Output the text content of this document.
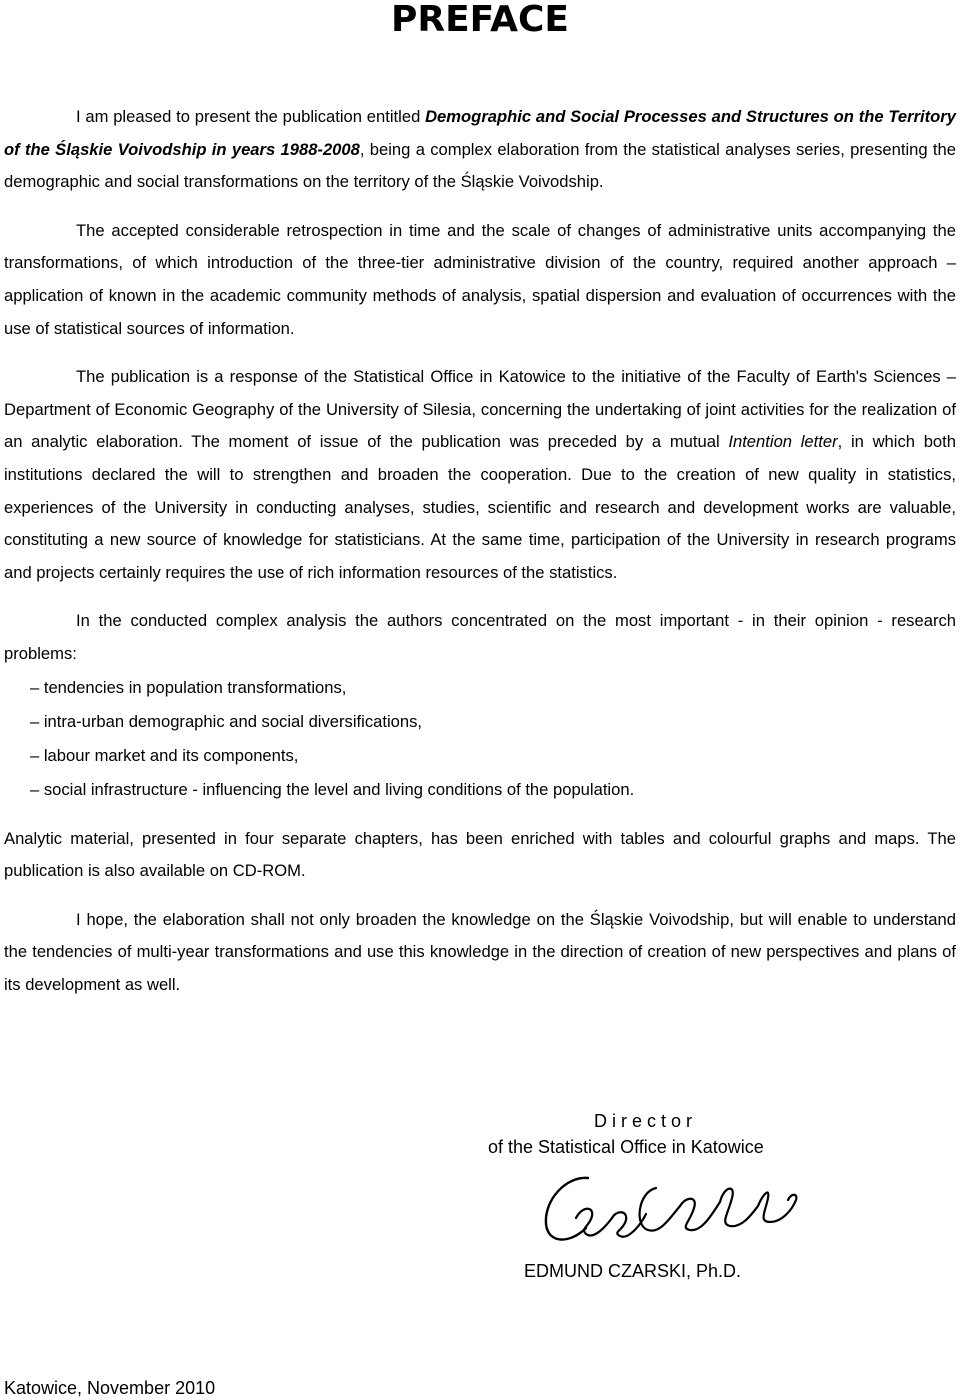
PREFACE

I am pleased to present the publication entitled Demographic and Social Processes and Structures on the Territory of the Śląskie Voivodship in years 1988-2008, being a complex elaboration from the statistical analyses series, presenting the demographic and social transformations on the territory of the Śląskie Voivodship.

The accepted considerable retrospection in time and the scale of changes of administrative units accompanying the transformations, of which introduction of the three-tier administrative division of the country, required another approach – application of known in the academic community methods of analysis, spatial dispersion and evaluation of occurrences with the use of statistical sources of information.

The publication is a response of the Statistical Office in Katowice to the initiative of the Faculty of Earth's Sciences – Department of Economic Geography of the University of Silesia, concerning the undertaking of joint activities for the realization of an analytic elaboration. The moment of issue of the publication was preceded by a mutual Intention letter, in which both institutions declared the will to strengthen and broaden the cooperation. Due to the creation of new quality in statistics, experiences of the University in conducting analyses, studies, scientific and research and development works are valuable, constituting a new source of knowledge for statisticians. At the same time, participation of the University in research programs and projects certainly requires the use of rich information resources of the statistics.

In the conducted complex analysis the authors concentrated on the most important - in their opinion - research problems:

– tendencies in population transformations,
– intra-urban demographic and social diversifications,
– labour market and its components,
– social infrastructure - influencing the level and living conditions of the population.

Analytic material, presented in four separate chapters, has been enriched with tables and colourful graphs and maps. The publication is also available on CD-ROM.

I hope, the elaboration shall not only broaden the knowledge on the Śląskie Voivodship, but will enable to understand the tendencies of multi-year transformations and use this knowledge in the direction of creation of new perspectives and plans of its development as well.

Director
of the Statistical Office in Katowice
EDMUND CZARSKI, Ph.D.
Katowice, November 2010
